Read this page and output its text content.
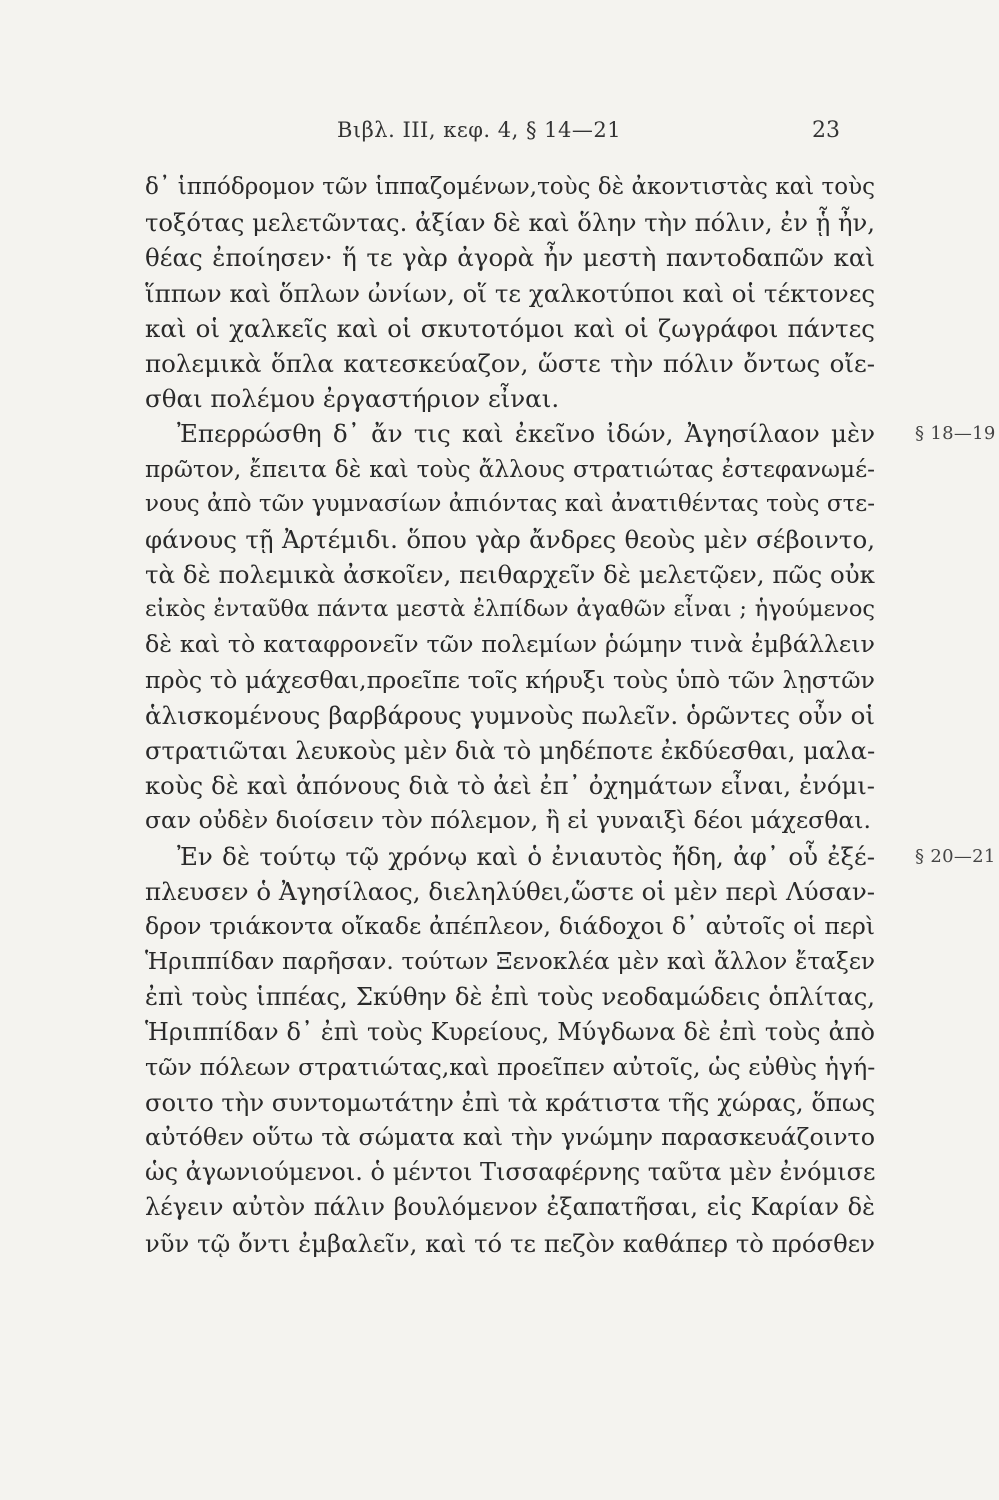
Βιβλ. III, κεφ. 4, § 14—21	23
δ᾽ ἱππόδρομον τῶν ἱππαζομένων,τοὺς δὲ ἀκοντιστὰς καὶ τοὺς
τοξότας μελετῶντας. ἀξίαν δὲ καὶ ὅλην τὴν πόλιν, ἐν ᾗ ἦν,
θέας ἐποίησεν· ἥ τε γὰρ ἀγορὰ ἦν μεστὴ παντοδαπῶν καὶ
ἵππων καὶ ὅπλων ὠνίων, οἵ τε χαλκοτύποι καὶ οἱ τέκτονες
καὶ οἱ χαλκεῖς καὶ οἱ σκυτοτόμοι καὶ οἱ ζωγράφοι πάντες
πολεμικὰ ὅπλα κατεσκεύαζον, ὥστε τὴν πόλιν ὄντως οἴε-
σθαι πολέμου ἐργαστήριον εἶναι.
Ἐπερρώσθη δ᾽ ἄν τις καὶ ἐκεῖνο ἰδών, Ἀγησίλαον μὲν § 18—19
πρῶτον, ἔπειτα δὲ καὶ τοὺς ἄλλους στρατιώτας ἐστεφανωμέ-
νους ἀπὸ τῶν γυμνασίων ἀπιόντας καὶ ἀνατιθέντας τοὺς στε-
φάνους τῇ Ἀρτέμιδι. ὅπου γὰρ ἄνδρες θεοὺς μὲν σέβοιντο,
τὰ δὲ πολεμικὰ ἀσκοῖεν, πειθαρχεῖν δὲ μελετῷεν, πῶς οὐκ
εἰκὸς ἐνταῦθα πάντα μεστὰ ἐλπίδων ἀγαθῶν εἶναι ; ἡγούμενος
δὲ καὶ τὸ καταφρονεῖν τῶν πολεμίων ῥώμην τινὰ ἐμβάλλειν
πρὸς τὸ μάχεσθαι,προεῖπε τοῖς κήρυξι τοὺς ὑπὸ τῶν λῃστῶν
ἁλισκομένους βαρβάρους γυμνοὺς πωλεῖν. ὁρῶντες οὖν οἱ
στρατιῶται λευκοὺς μὲν διὰ τὸ μηδέποτε ἐκδύεσθαι, μαλα-
κοὺς δὲ καὶ ἀπόνους διὰ τὸ ἀεὶ ἐπ᾽ ὀχημάτων εἶναι, ἐνόμι-
σαν οὐδὲν διοίσειν τὸν πόλεμον, ἢ εἰ γυναιξὶ δέοι μάχεσθαι.
Ἐν δὲ τούτῳ τῷ χρόνῳ καὶ ὁ ἐνιαυτὸς ἤδη, ἀφ᾽ οὗ ἐξέ- § 20—21
πλευσεν ὁ Ἀγησίλαος, διεληλύθει,ὥστε οἱ μὲν περὶ Λύσαν-
δρον τριάκοντα οἴκαδε ἀπέπλεον, διάδοχοι δ᾽ αὐτοῖς οἱ περὶ
Ἡριππίδαν παρῆσαν. τούτων Ξενοκλέα μὲν καὶ ἄλλον ἔταξεν
ἐπὶ τοὺς ἱππέας, Σκύθην δὲ ἐπὶ τοὺς νεοδαμώδεις ὁπλίτας,
Ἡριππίδαν δ᾽ ἐπὶ τοὺς Κυρείους, Μύγδωνα δὲ ἐπὶ τοὺς ἀπὸ
τῶν πόλεων στρατιώτας,καὶ προεῖπεν αὐτοῖς, ὡς εὐθὺς ἡγή-
σοιτο τὴν συντομωτάτην ἐπὶ τὰ κράτιστα τῆς χώρας, ὅπως
αὐτόθεν οὕτω τὰ σώματα καὶ τὴν γνώμην παρασκευάζοιντο
ὡς ἀγωνιούμενοι. ὁ μέντοι Τισσαφέρνης ταῦτα μὲν ἐνόμισε
λέγειν αὐτὸν πάλιν βουλόμενον ἐξαπατῆσαι, εἰς Καρίαν δὲ
νῦν τῷ ὄντι ἐμβαλεῖν, καὶ τό τε πεζὸν καθάπερ τὸ πρόσθεν
